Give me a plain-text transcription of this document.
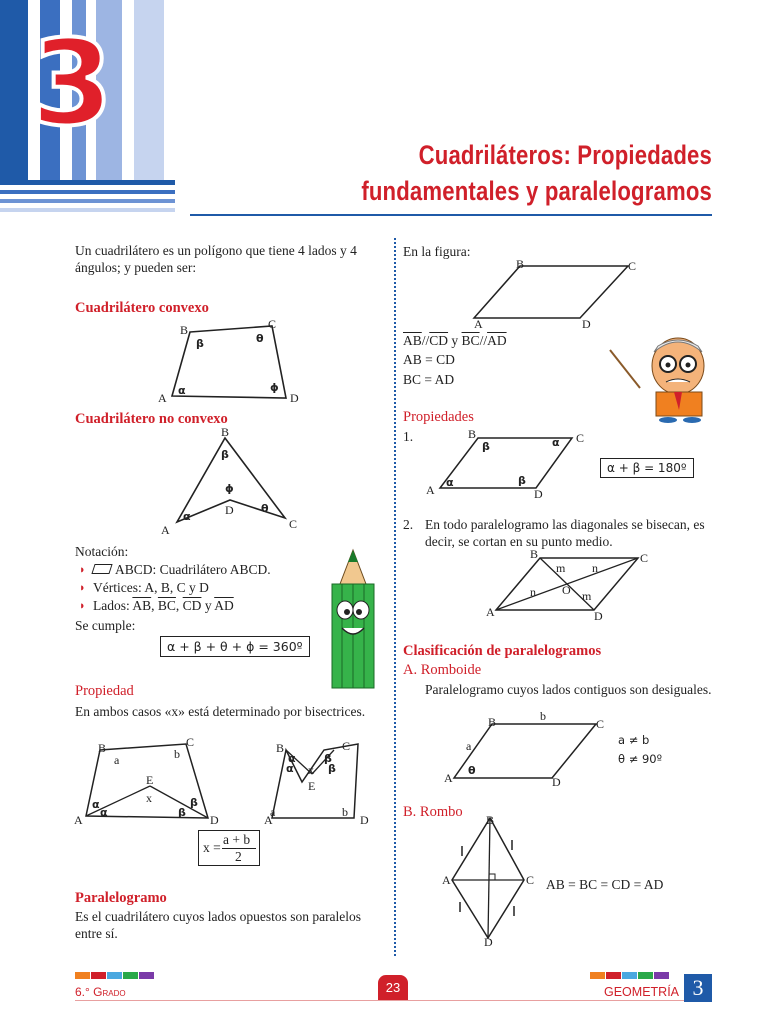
3
Cuadriláteros: Propiedades
fundamentales y paralelogramos
Un cuadrilátero es un polígono que tiene 4 lados y 4 ángulos; y pueden ser:
Cuadrilátero convexo
B	C
A	D
β	θ
α	ϕ
Cuadrilátero no convexo
B
C
A
D
β
ϕ
α
θ
Notación:
◗ ABCD: Cuadrilátero ABCD.
◗ Vértices: A, B, C y D
◗ Lados: $\overline{AB}$, $\overline{BC}$, $\overline{CD}$ y $\overline{AD}$
Se cumple:
α + β + θ + ϕ = 360º
Propiedad
En ambos casos «x» está determinado por bisectrices.
B	C
A	D
E
x
a	b
α
α
β
β
B	C
A	D
E
x
a	b
α
α
β
β
x =
a + b
2
Paralelogramo
Es el cuadrilátero cuyos lados opuestos son paralelos entre sí.
En la figura:
B	C
A	D
$\overline{AB}//\overline{CD}$ y $\overline{BC}//\overline{AD}$
AB = CD
BC = AD
Propiedades
1.	B	C
A	D
β	α
α	β
α + β = 180º
2. En todo paralelogramo las diagonales se bisecan, es decir, se cortan en su punto medio.
B	C
A	D
O
m n
n	m
Clasificación de paralelogramos
A. Romboide
Paralelogramo cuyos lados contiguos son desiguales.
B	C
A	D
b
a
θ
a ≠ b
θ ≠ 90º
B. Rombo B
C
A
D
AB = BC = CD = AD
6.° Grado	23	GEOMETRÍA 3
